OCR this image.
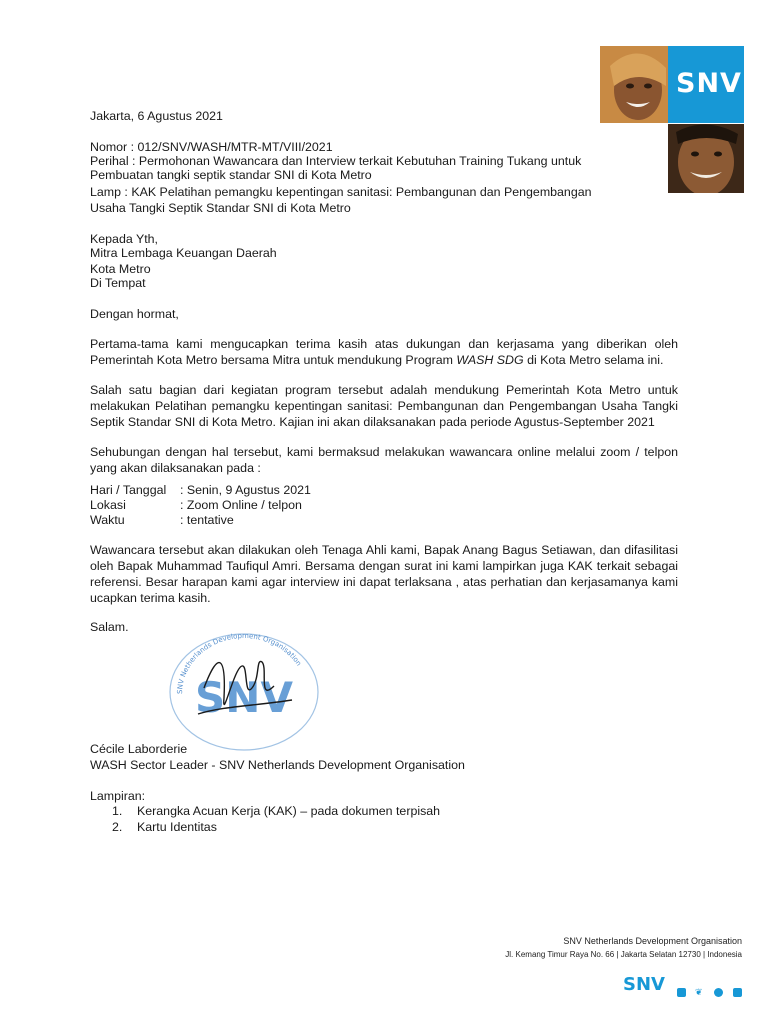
SNV
Jakarta, 6 Agustus 2021
Nomor : 012/SNV/WASH/MTR-MT/VIII/2021
Perihal : Permohonan Wawancara dan Interview terkait Kebutuhan Training Tukang untuk
Pembuatan tangki septik standar SNI di Kota Metro
Lamp : KAK Pelatihan pemangku kepentingan sanitasi: Pembangunan dan Pengembangan
Usaha Tangki Septik Standar SNI di Kota Metro
Kepada Yth,
Mitra Lembaga Keuangan Daerah
Kota Metro
Di Tempat
Dengan hormat,
Pertama-tama kami mengucapkan terima kasih atas dukungan dan kerjasama yang diberikan oleh Pemerintah Kota Metro bersama Mitra untuk mendukung Program WASH SDG di Kota Metro selama ini.
Salah satu bagian dari kegiatan program tersebut adalah mendukung Pemerintah Kota Metro untuk melakukan Pelatihan pemangku kepentingan sanitasi: Pembangunan dan Pengembangan Usaha Tangki Septik Standar SNI di Kota Metro. Kajian ini akan dilaksanakan pada periode Agustus-September 2021
Sehubungan dengan hal tersebut, kami bermaksud melakukan wawancara online melalui zoom / telpon yang akan dilaksanakan pada :
Hari / Tanggal : Senin, 9 Agustus 2021
Lokasi	: Zoom Online / telpon
Waktu	: tentative
Wawancara tersebut akan dilakukan oleh Tenaga Ahli kami, Bapak Anang Bagus Setiawan, dan difasilitasi oleh Bapak Muhammad Taufiqul Amri. Bersama dengan surat ini kami lampirkan juga KAK terkait sebagai referensi. Besar harapan kami agar interview ini dapat terlaksana , atas perhatian dan kerjasamanya kami ucapkan terima kasih.
Salam.
SNV Netherlands Development Organisation
SNV
Cécile Laborderie
WASH Sector Leader - SNV Netherlands Development Organisation
Lampiran:
1. Kerangka Acuan Kerja (KAK) – pada dokumen terpisah
2. Kartu Identitas
SNV Netherlands Development Organisation
Jl. Kemang Timur Raya No. 66 | Jakarta Selatan 12730 | Indonesia
SNV	❦
